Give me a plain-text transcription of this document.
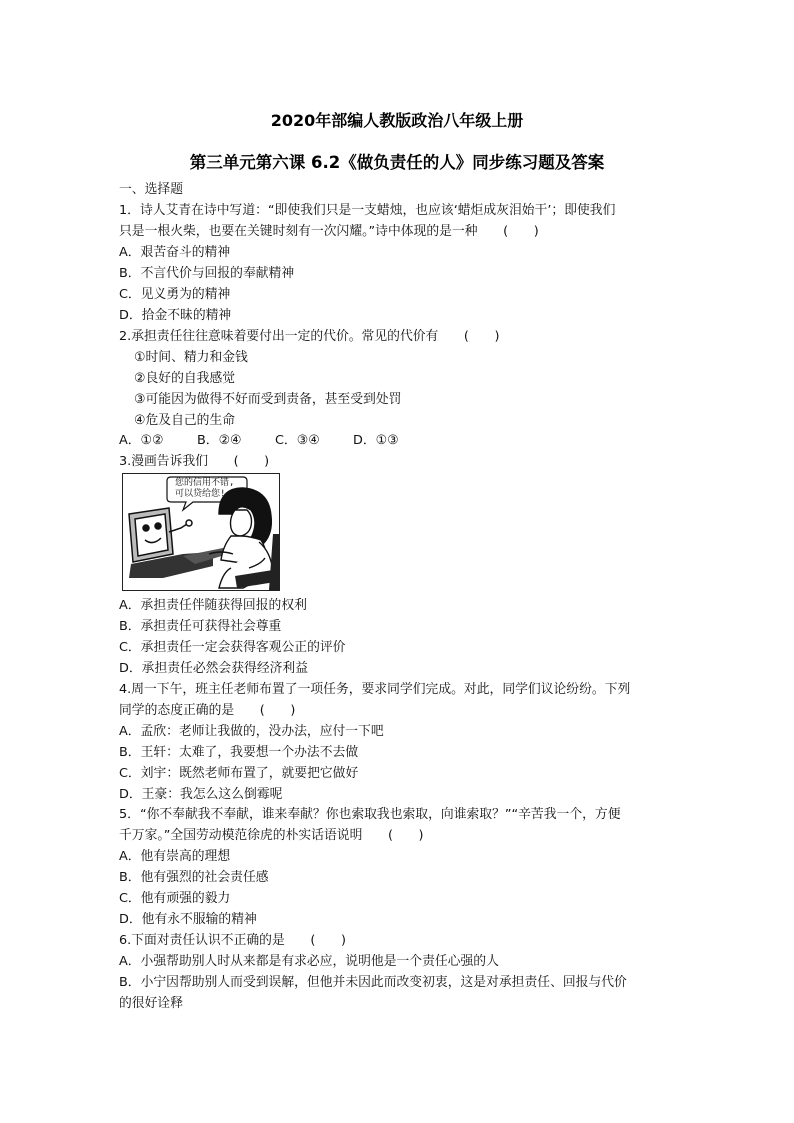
2020年部编人教版政治八年级上册
第三单元第六课 6.2《做负责任的人》同步练习题及答案
一、选择题
1．诗人艾青在诗中写道：“即使我们只是一支蜡烛，也应该‘蜡炬成灰泪始干’；即使我们
只是一根火柴，也要在关键时刻有一次闪耀。”诗中体现的是一种　　(　　)
A．艰苦奋斗的精神
B．不言代价与回报的奉献精神
C．见义勇为的精神
D．拾金不昧的精神
2.承担责任往往意味着要付出一定的代价。常见的代价有　　(　　)
①时间、精力和金钱
②良好的自我感觉
③可能因为做得不好而受到责备，甚至受到处罚
④危及自己的生命
A．①②	B．②④	C．③④	D．①③
3.漫画告诉我们　　(　　)
您的信用不错,
可以贷给您!
A．承担责任伴随获得回报的权利
B．承担责任可获得社会尊重
C．承担责任一定会获得客观公正的评价
D．承担责任必然会获得经济利益
4.周一下午，班主任老师布置了一项任务，要求同学们完成。对此，同学们议论纷纷。下列
同学的态度正确的是　　(　　)
A．孟欣：老师让我做的，没办法，应付一下吧
B．王轩：太难了，我要想一个办法不去做
C．刘宇：既然老师布置了，就要把它做好
D．王豪：我怎么这么倒霉呢
5．“你不奉献我不奉献，谁来奉献？你也索取我也索取，向谁索取？”“辛苦我一个，方便
千万家。”全国劳动模范徐虎的朴实话语说明　　(　　)
A．他有崇高的理想
B．他有强烈的社会责任感
C．他有顽强的毅力
D．他有永不服输的精神
6.下面对责任认识不正确的是　　(　　)
A．小强帮助别人时从来都是有求必应，说明他是一个责任心强的人
B．小宁因帮助别人而受到误解，但他并未因此而改变初衷，这是对承担责任、回报与代价
的很好诠释
